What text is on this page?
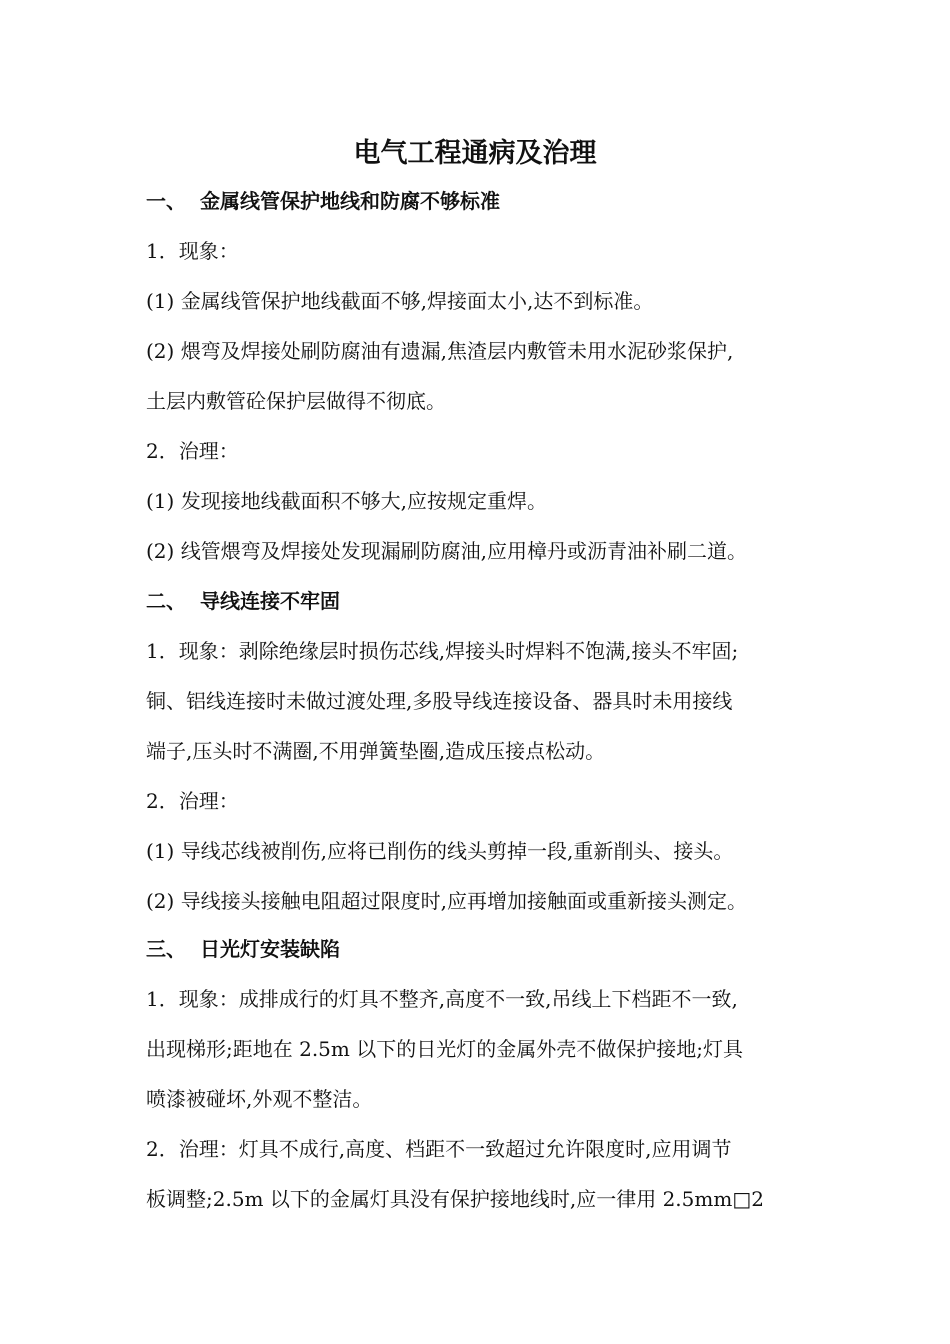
电气工程通病及治理
一、 金属线管保护地线和防腐不够标准
1．现象：
(1) 金属线管保护地线截面不够,焊接面太小,达不到标准。
(2) 煨弯及焊接处刷防腐油有遗漏,焦渣层内敷管未用水泥砂浆保护,
土层内敷管砼保护层做得不彻底。
2．治理：
(1) 发现接地线截面积不够大,应按规定重焊。
(2) 线管煨弯及焊接处发现漏刷防腐油,应用樟丹或沥青油补刷二道。
二、 导线连接不牢固
1．现象：剥除绝缘层时损伤芯线,焊接头时焊料不饱满,接头不牢固;
铜、铝线连接时未做过渡处理,多股导线连接设备、器具时未用接线
端子,压头时不满圈,不用弹簧垫圈,造成压接点松动。
2．治理：
(1) 导线芯线被削伤,应将已削伤的线头剪掉一段,重新削头、接头。
(2) 导线接头接触电阻超过限度时,应再增加接触面或重新接头测定。
三、 日光灯安装缺陷
1．现象：成排成行的灯具不整齐,高度不一致,吊线上下档距不一致,
出现梯形;距地在 2.5m 以下的日光灯的金属外壳不做保护接地;灯具
喷漆被碰坏,外观不整洁。
2．治理：灯具不成行,高度、档距不一致超过允许限度时,应用调节
板调整;2.5m 以下的金属灯具没有保护接地线时,应一律用 2.5mm□2
